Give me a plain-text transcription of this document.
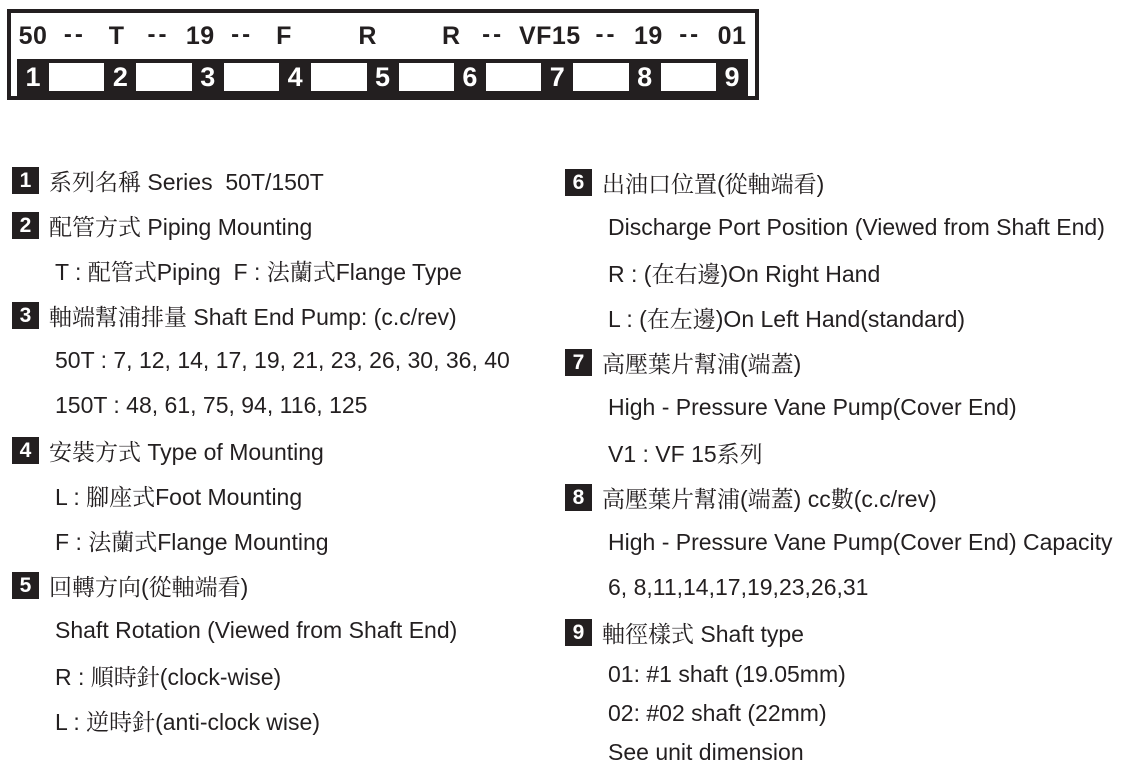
50 -- T -- 19 -- F	R	R -- VF15 -- 19 -- 01
1	2	3	4	5	6	7	8	9
1 系列名稱 Series  50T/150T
2 配管方式 Piping Mounting
T : 配管式Piping  F : 法蘭式Flange Type
3 軸端幫浦排量 Shaft End Pump: (c.c/rev)
50T : 7, 12, 14, 17, 19, 21, 23, 26, 30, 36, 40
150T : 48, 61, 75, 94, 116, 125
4 安裝方式 Type of Mounting
L : 腳座式Foot Mounting
F : 法蘭式Flange Mounting
5 回轉方向(從軸端看)
Shaft Rotation (Viewed from Shaft End)
R : 順時針(clock-wise)
L : 逆時針(anti-clock wise)
6 出油口位置(從軸端看)
Discharge Port Position (Viewed from Shaft End)
R : (在右邊)On Right Hand
L : (在左邊)On Left Hand(standard)
7 高壓葉片幫浦(端蓋)
High - Pressure Vane Pump(Cover End)
V1 : VF 15系列
8 高壓葉片幫浦(端蓋) cc數(c.c/rev)
High - Pressure Vane Pump(Cover End) Capacity
6, 8,11,14,17,19,23,26,31
9 軸徑樣式 Shaft type
01: #1 shaft (19.05mm)
02: #02 shaft (22mm)
See unit dimension
